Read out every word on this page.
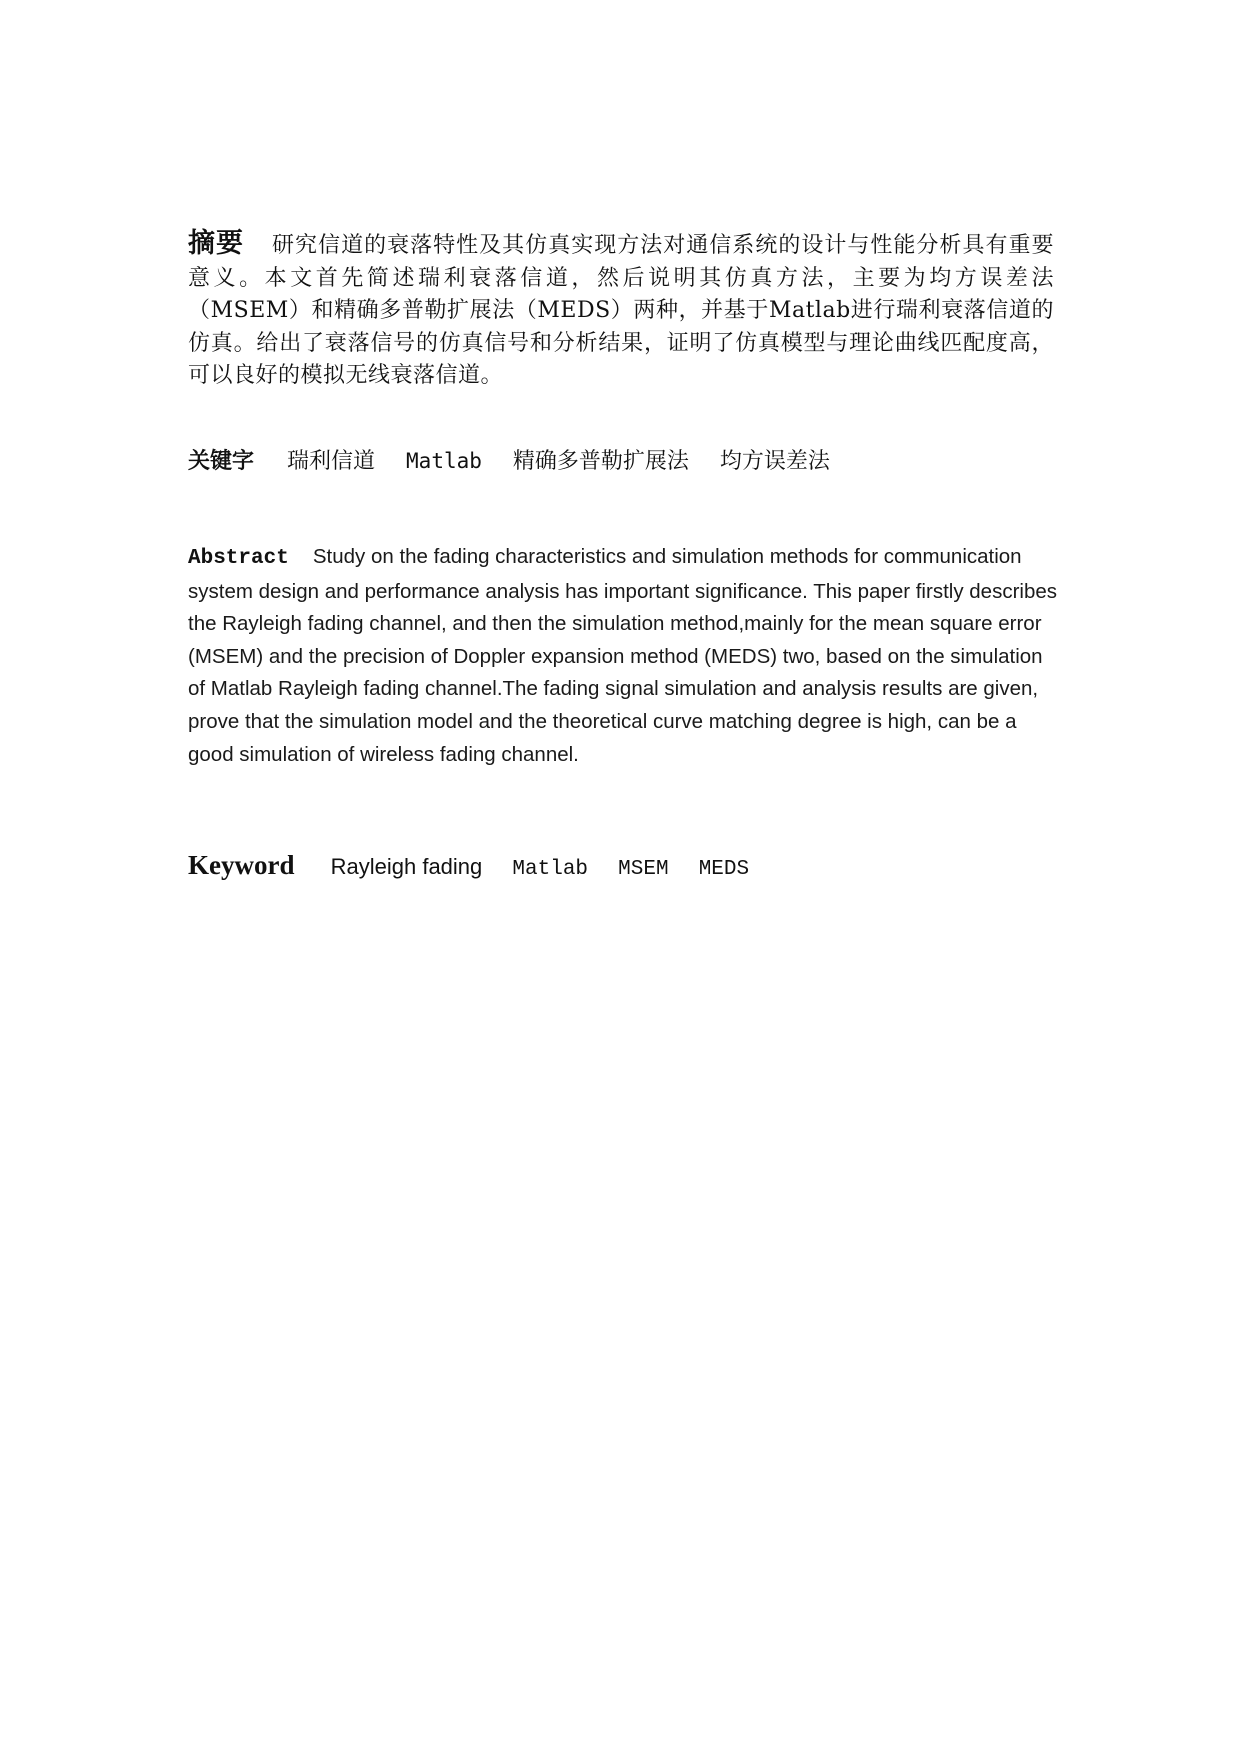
摘要 研究信道的衰落特性及其仿真实现方法对通信系统的设计与性能分析具有重要意义。本文首先简述瑞利衰落信道，然后说明其仿真方法，主要为均方误差法（MSEM）和精确多普勒扩展法（MEDS）两种，并基于Matlab进行瑞利衰落信道的仿真。给出了衰落信号的仿真信号和分析结果，证明了仿真模型与理论曲线匹配度高，可以良好的模拟无线衰落信道。
关键字 瑞利信道 Matlab 精确多普勒扩展法 均方误差法
Abstract Study on the fading characteristics and simulation methods for communication system design and performance analysis has important significance. This paper firstly describes the Rayleigh fading channel, and then the simulation method,mainly for the mean square error (MSEM) and the precision of Doppler expansion method (MEDS) two, based on the simulation of Matlab Rayleigh fading channel.The fading signal simulation and analysis results are given, prove that the simulation model and the theoretical curve matching degree is high, can be a good simulation of wireless fading channel.
Keyword Rayleigh fading Matlab MSEM MEDS
